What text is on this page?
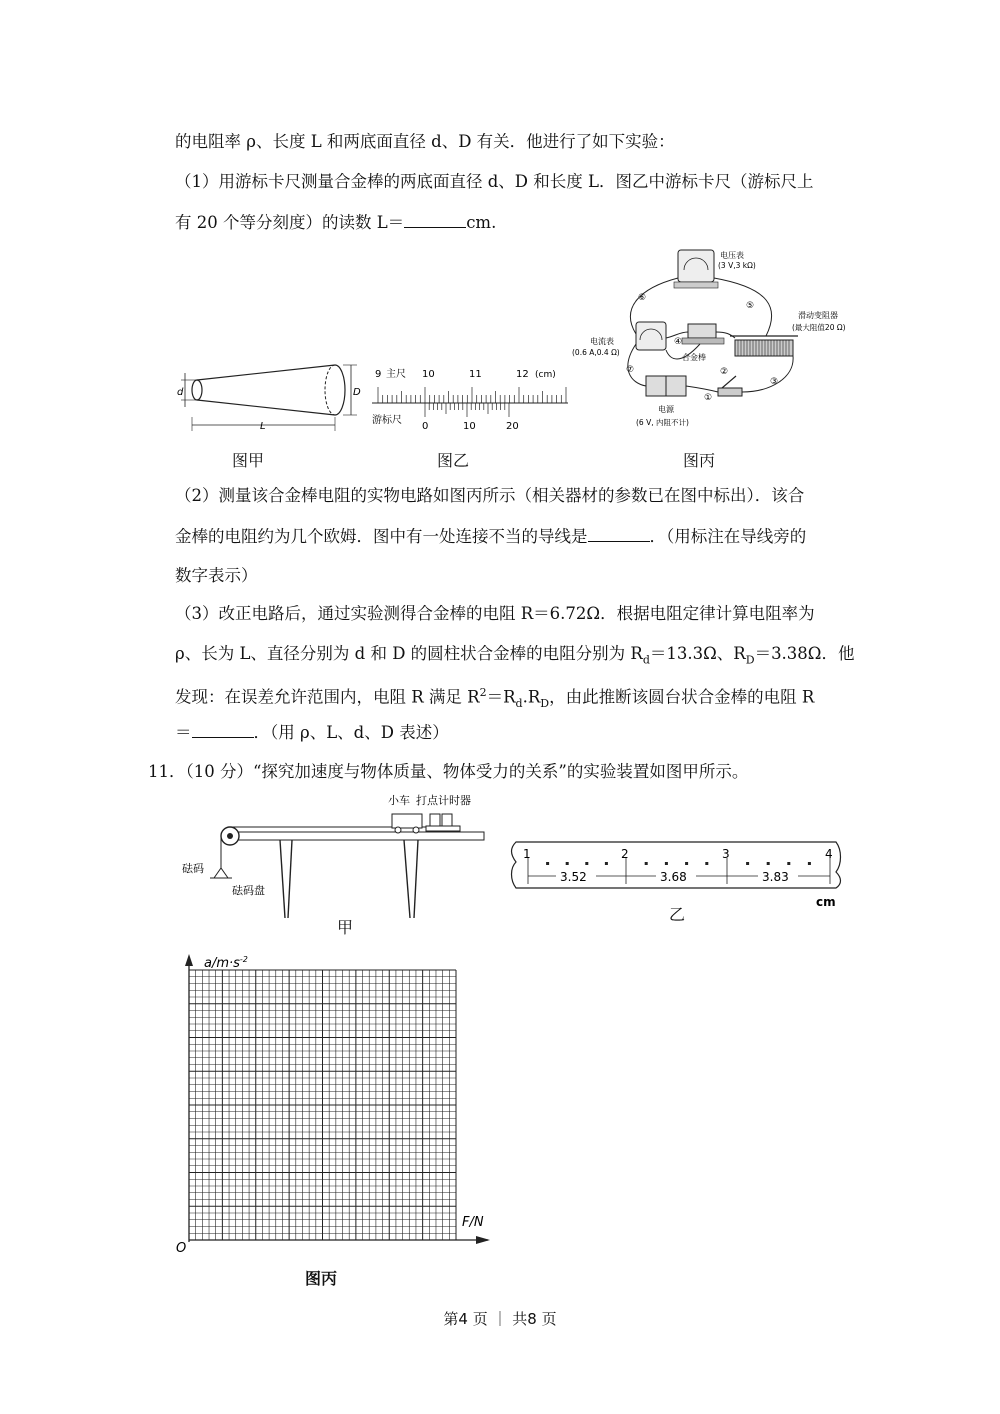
的电阻率 ρ、长度 L 和两底面直径 d、D 有关．他进行了如下实验：
（1）用游标卡尺测量合金棒的两底面直径 d、D 和长度 L．图乙中游标卡尺（游标尺上
有 20 个等分刻度）的读数 L＝	cm.
d	D
L
图甲
9 主尺 10	11	12 (cm)
游标尺
0	10	20
图乙
电压表
(3 V,3 kΩ)
电流表
(0.6 A,0.4 Ω)
合金棒
滑动变阻器
(最大阻值20 Ω)
电源
(6 V, 内阻不计)
⑥
⑤
④
③
①
②
⑦
图丙
（2）测量该合金棒电阻的实物电路如图丙所示（相关器材的参数已在图中标出）．该合
金棒的电阻约为几个欧姆．图中有一处连接不当的导线是	．（用标注在导线旁的
数字表示）
（3）改正电路后，通过实验测得合金棒的电阻 R＝6.72Ω．根据电阻定律计算电阻率为
ρ、长为 L、直径分别为 d 和 D 的圆柱状合金棒的电阻分别为 $R_d=13.3\Omega$、$R_D=3.38\Omega$．他
发现：在误差允许范围内，电阻 R 满足 $R^2=R_d.R_D$，由此推断该圆台状合金棒的电阻 R
＝	．（用 ρ、L、d、D 表述）
11．（10 分）“探究加速度与物体质量、物体受力的关系”的实验装置如图甲所示。
小车 打点计时器
砝码
砝码盘
甲
1	2	3	4
3.52	3.68	3.83
cm
乙
$a/m\cdot s^{-2}$
F/N
O
图丙
第4 页 ｜ 共8 页
